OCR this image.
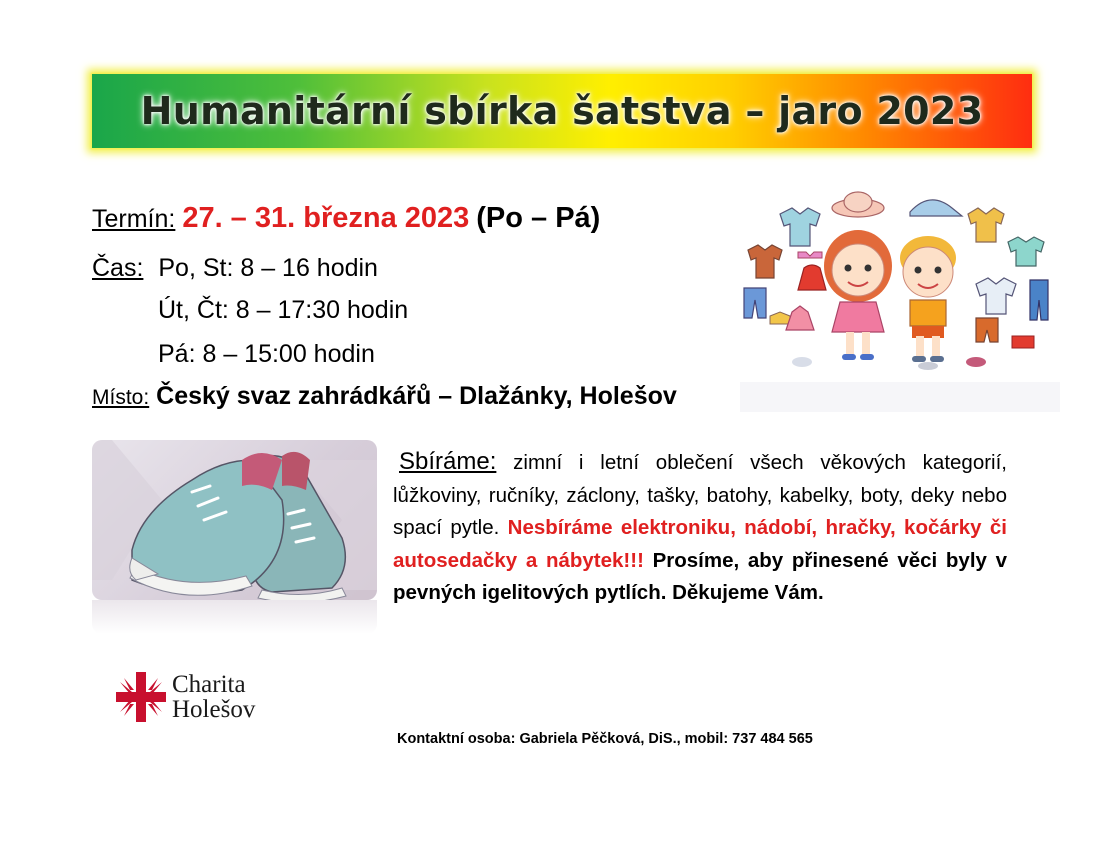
Humanitární sbírka šatstva – jaro 2023
Termín: 27. – 31. března 2023 (Po – Pá)
Čas: Po, St: 8 – 16 hodin
Út, Čt: 8 – 17:30 hodin
Pá: 8 – 15:00 hodin
Místo: Český svaz zahrádkářů – Dlažánky, Holešov
Sbíráme: zimní i letní oblečení všech věkových kategorií, lůžkoviny, ručníky, záclony, tašky, batohy, kabelky, boty, deky nebo spací pytle. Nesbíráme elektroniku, nádobí, hračky, kočárky či autosedačky a nábytek!!! Prosíme, aby přinesené věci byly v pevných igelitových pytlích. Děkujeme Vám.
Charita
Holešov
Kontaktní osoba: Gabriela Pěčková, DiS., mobil: 737 484 565
